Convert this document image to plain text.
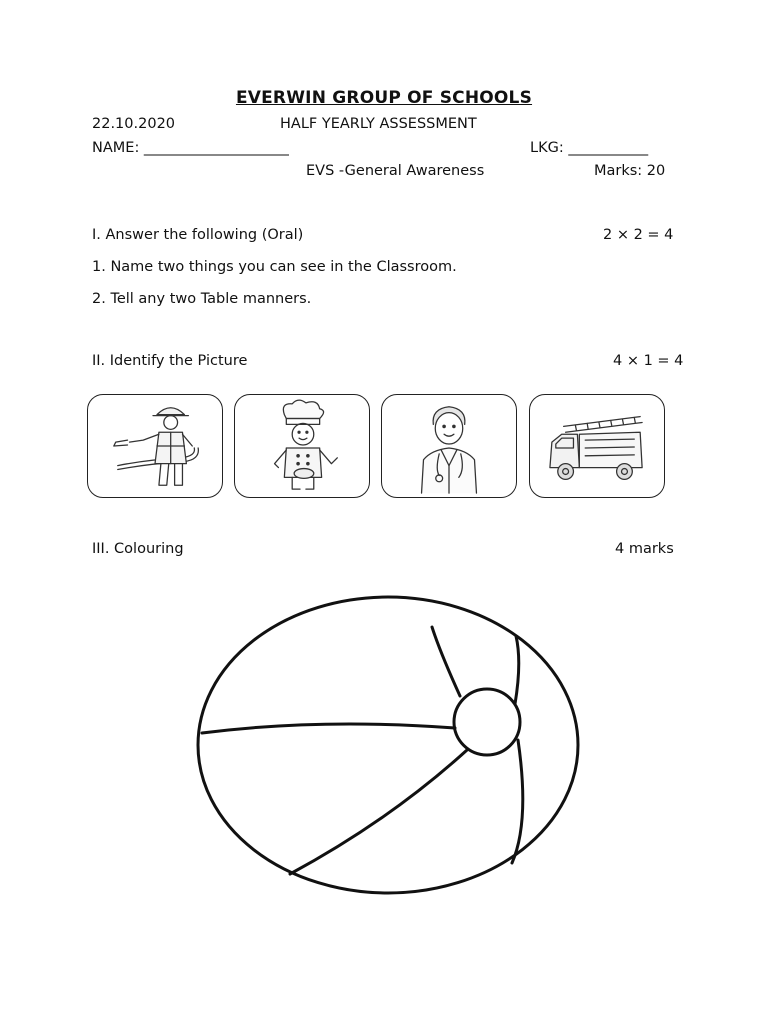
EVERWIN GROUP OF SCHOOLS
22.10.2020	HALF YEARLY ASSESSMENT
NAME: ____________________	LKG: ___________
EVS -General Awareness	Marks: 20
I. Answer the following (Oral)	2 × 2 = 4
1. Name two things you can see in the Classroom.
2. Tell any two Table manners.
II. Identify the Picture	4 × 1 = 4
III. Colouring	4 marks
